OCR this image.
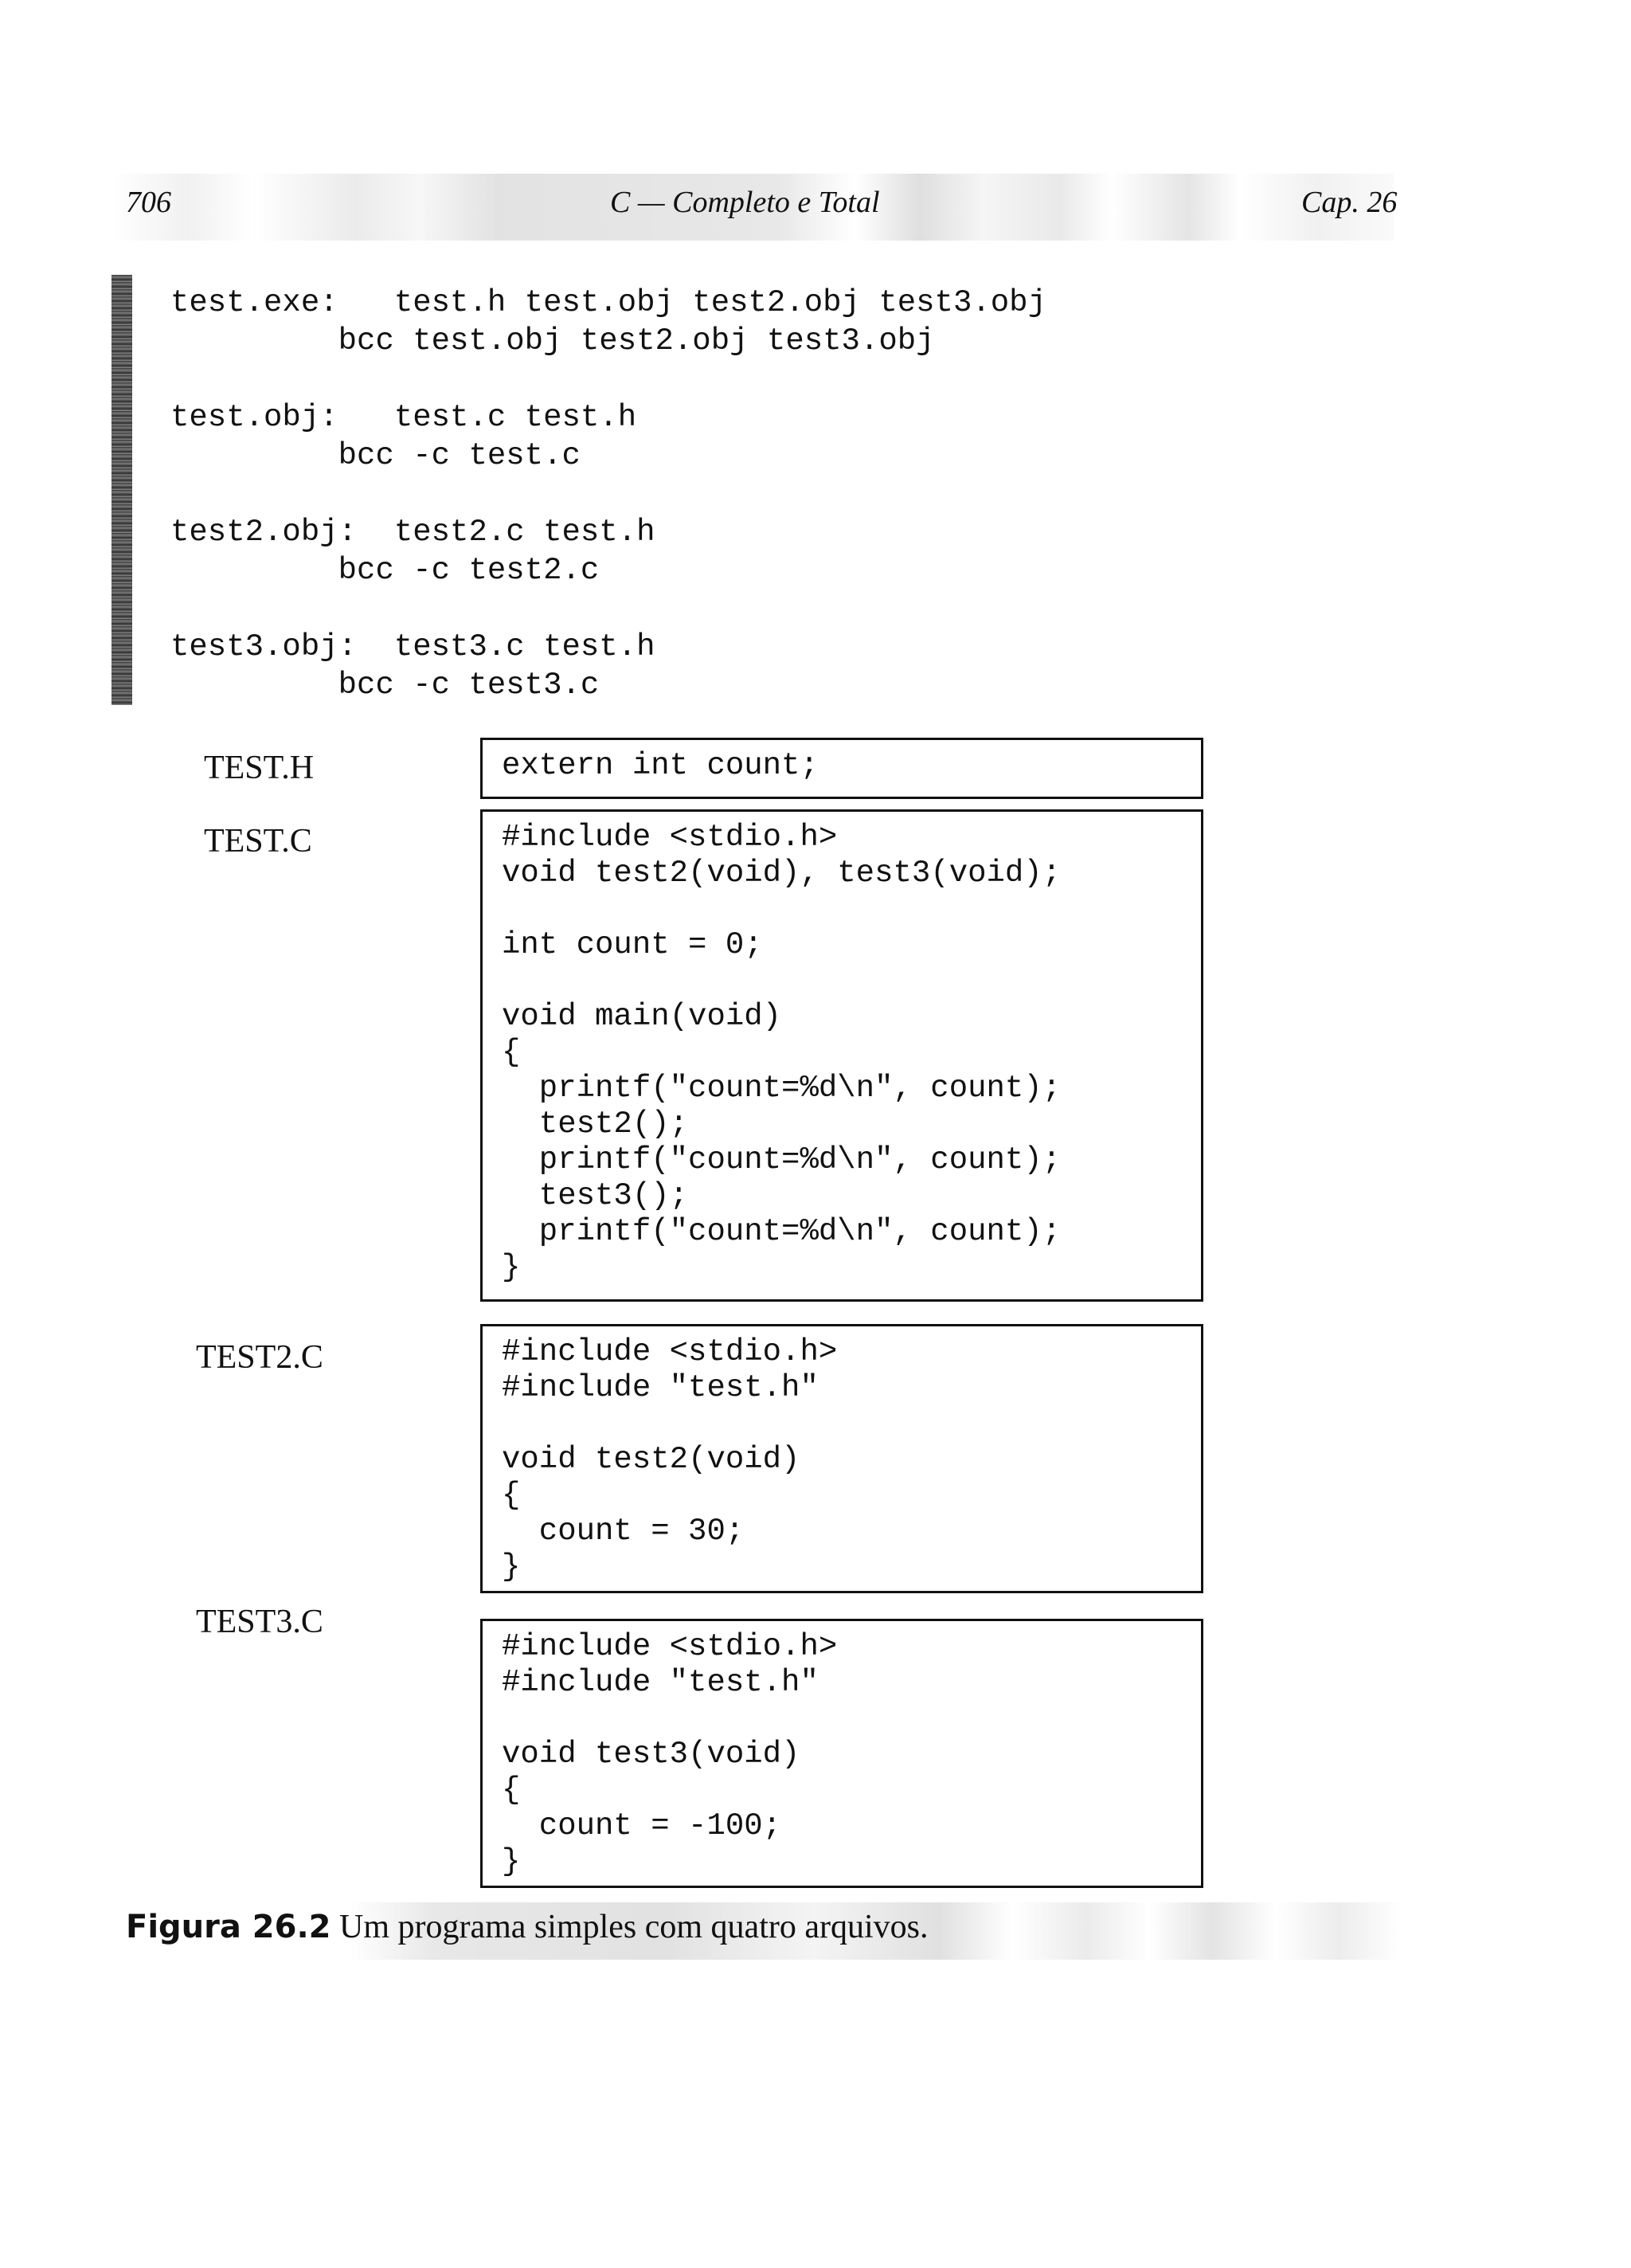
706	C — Completo e Total	Cap. 26
test.exe:   test.h test.obj test2.obj test3.obj
bcc test.obj test2.obj test3.obj
test.obj:   test.c test.h
bcc -c test.c
test2.obj:  test2.c test.h
bcc -c test2.c
test3.obj:  test3.c test.h
bcc -c test3.c
TEST.H	extern int count;
TEST.C	#include <stdio.h>
void test2(void), test3(void);

int count = 0;

void main(void)
{
printf("count=%d\n", count);
test2();
printf("count=%d\n", count);
test3();
printf("count=%d\n", count);
}
TEST2.C	#include <stdio.h>
#include "test.h"

void test2(void)
{
count = 30;
}
TEST3.C
#include <stdio.h>
#include "test.h"

void test3(void)
{
count = -100;
}
Figura 26.2 Um programa simples com quatro arquivos.
